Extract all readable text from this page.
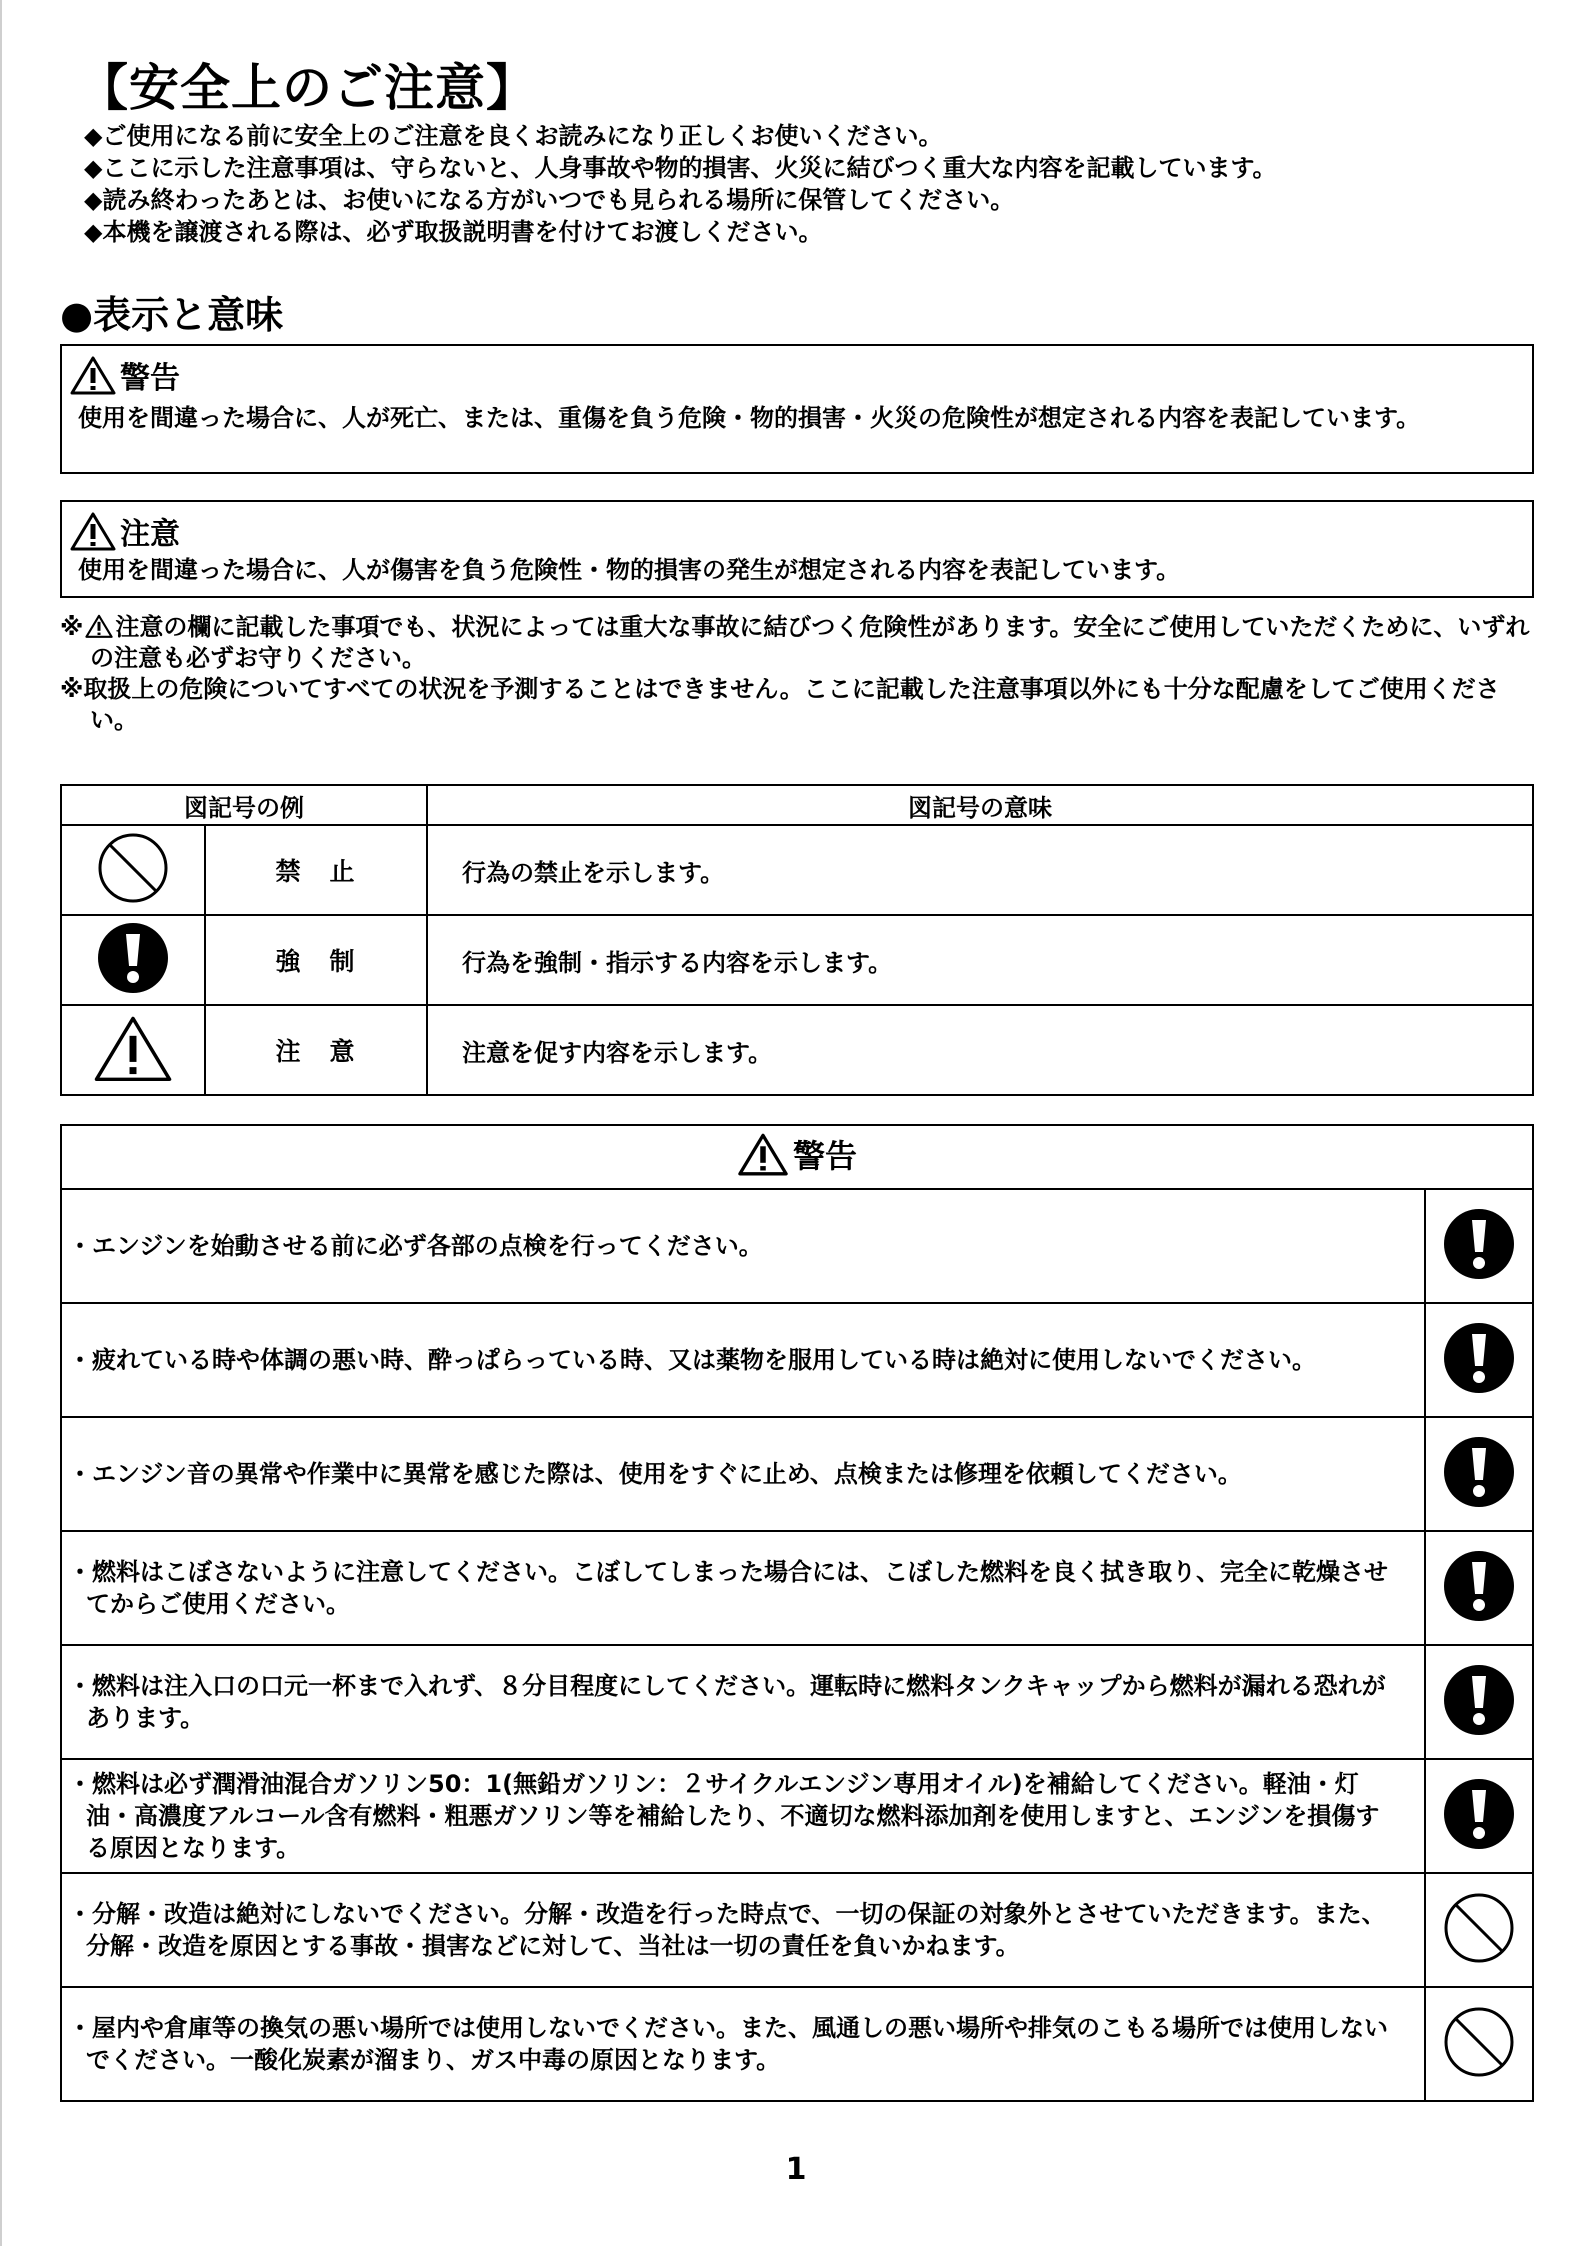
【安全上のご注意】
◆ご使用になる前に安全上のご注意を良くお読みになり正しくお使いください。
◆ここに示した注意事項は、守らないと、人身事故や物的損害、火災に結びつく重大な内容を記載しています。
◆読み終わったあとは、お使いになる方がいつでも見られる場所に保管してください。
◆本機を譲渡される際は、必ず取扱説明書を付けてお渡しください。
●表示と意味
警告
使用を間違った場合に、人が死亡、または、重傷を負う危険・物的損害・火災の危険性が想定される内容を表記しています。
注意
使用を間違った場合に、人が傷害を負う危険性・物的損害の発生が想定される内容を表記しています。

※ 注意の欄に記載した事項でも、状況によっては重大な事故に結びつく危険性があります。安全にご使用していただくために、いずれの注意も必ずお守りください。

※取扱上の危険についてすべての状況を予測することはできません。ここに記載した注意事項以外にも十分な配慮をしてご使用ください。

図記号の例		図記号の意味
	禁　止	行為の禁止を示します。
	強　制	行為を強制・指示する内容を示します。
	注　意	注意を促す内容を示します。
警告	

・エンジンを始動させる前に必ず各部の点検を行ってください。

・疲れている時や体調の悪い時、酔っぱらっている時、又は薬物を服用している時は絶対に使用しないでください。

・エンジン音の異常や作業中に異常を感じた際は、使用をすぐに止め、点検または修理を依頼してください。

・燃料はこぼさないように注意してください。こぼしてしまった場合には、こぼした燃料を良く拭き取り、完全に乾燥させてからご使用ください。

・燃料は注入口の口元一杯まで入れず、８分目程度にしてください。運転時に燃料タンクキャップから燃料が漏れる恐れがあります。

・燃料は必ず潤滑油混合ガソリン50：1(無鉛ガソリン：２サイクルエンジン専用オイル)を補給してください。軽油・灯油・高濃度アルコール含有燃料・粗悪ガソリン等を補給したり、不適切な燃料添加剤を使用しますと、エンジンを損傷する原因となります。

・分解・改造は絶対にしないでください。分解・改造を行った時点で、一切の保証の対象外とさせていただきます。また、分解・改造を原因とする事故・損害などに対して、当社は一切の責任を負いかねます。

・屋内や倉庫等の換気の悪い場所では使用しないでください。また、風通しの悪い場所や排気のこもる場所では使用しないでください。一酸化炭素が溜まり、ガス中毒の原因となります。

1
